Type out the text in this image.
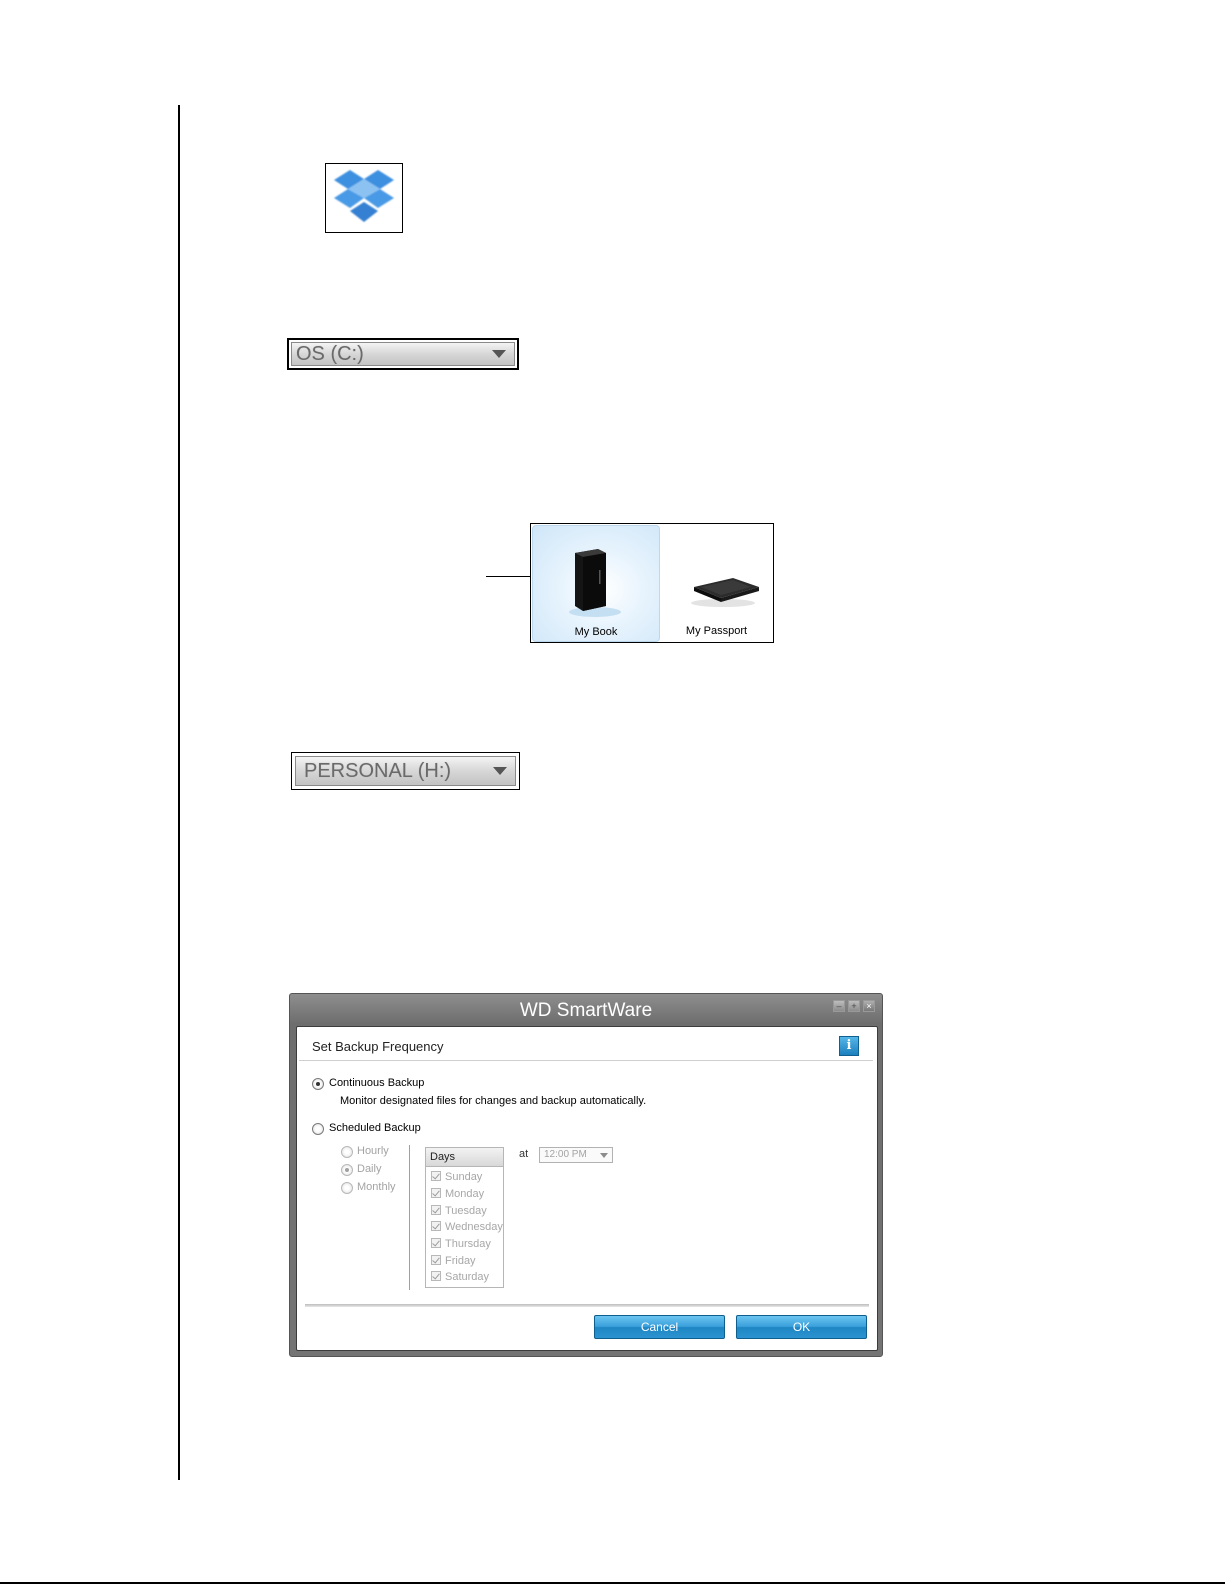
OS (C:)
My Book	My Passport
PERSONAL (H:)
WD SmartWare	–	+	×
Set Backup Frequency	i
Continuous Backup
Monitor designated files for changes and backup automatically.
Scheduled Backup
Hourly
Daily
Monthly
Days
Sunday
Monday
Tuesday
Wednesday
Thursday
Friday
Saturday
at	12:00 PM
Cancel	OK
